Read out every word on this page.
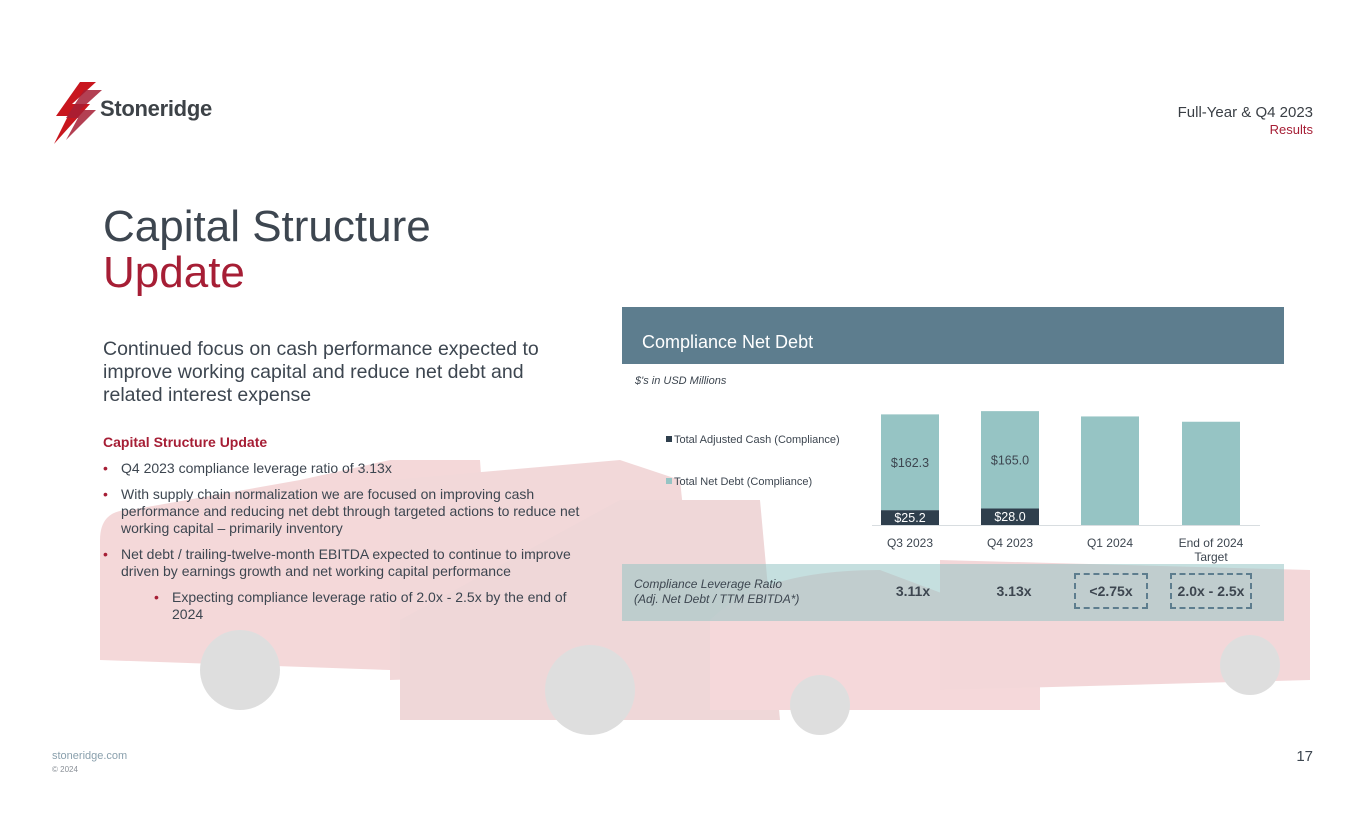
Stoneridge	Full-Year & Q4 2023
Results
Capital Structure
Update
Continued focus on cash performance expected to improve working capital and reduce net debt and related interest expense
Capital Structure Update
• Q4 2023 compliance leverage ratio of 3.13x
• With supply chain normalization we are focused on improving cash performance and reducing net debt through targeted actions to reduce net working capital – primarily inventory
• Net debt / trailing-twelve-month EBITDA expected to continue to improve driven by earnings growth and net working capital performance
• Expecting compliance leverage ratio of 2.0x - 2.5x by the end of 2024
Compliance Net Debt
$'s in USD Millions
$25.2
$162.3
Q3 2023
$28.0
$165.0
Q4 2023	Q1 2024	End of 2024
Target
Total Adjusted Cash (Compliance)
Total Net Debt (Compliance)
Compliance Leverage Ratio
(Adj. Net Debt / TTM EBITDA*)	3.11x	3.13x	<2.75x	2.0x - 2.5x
stoneridge.com
© 2024
17
